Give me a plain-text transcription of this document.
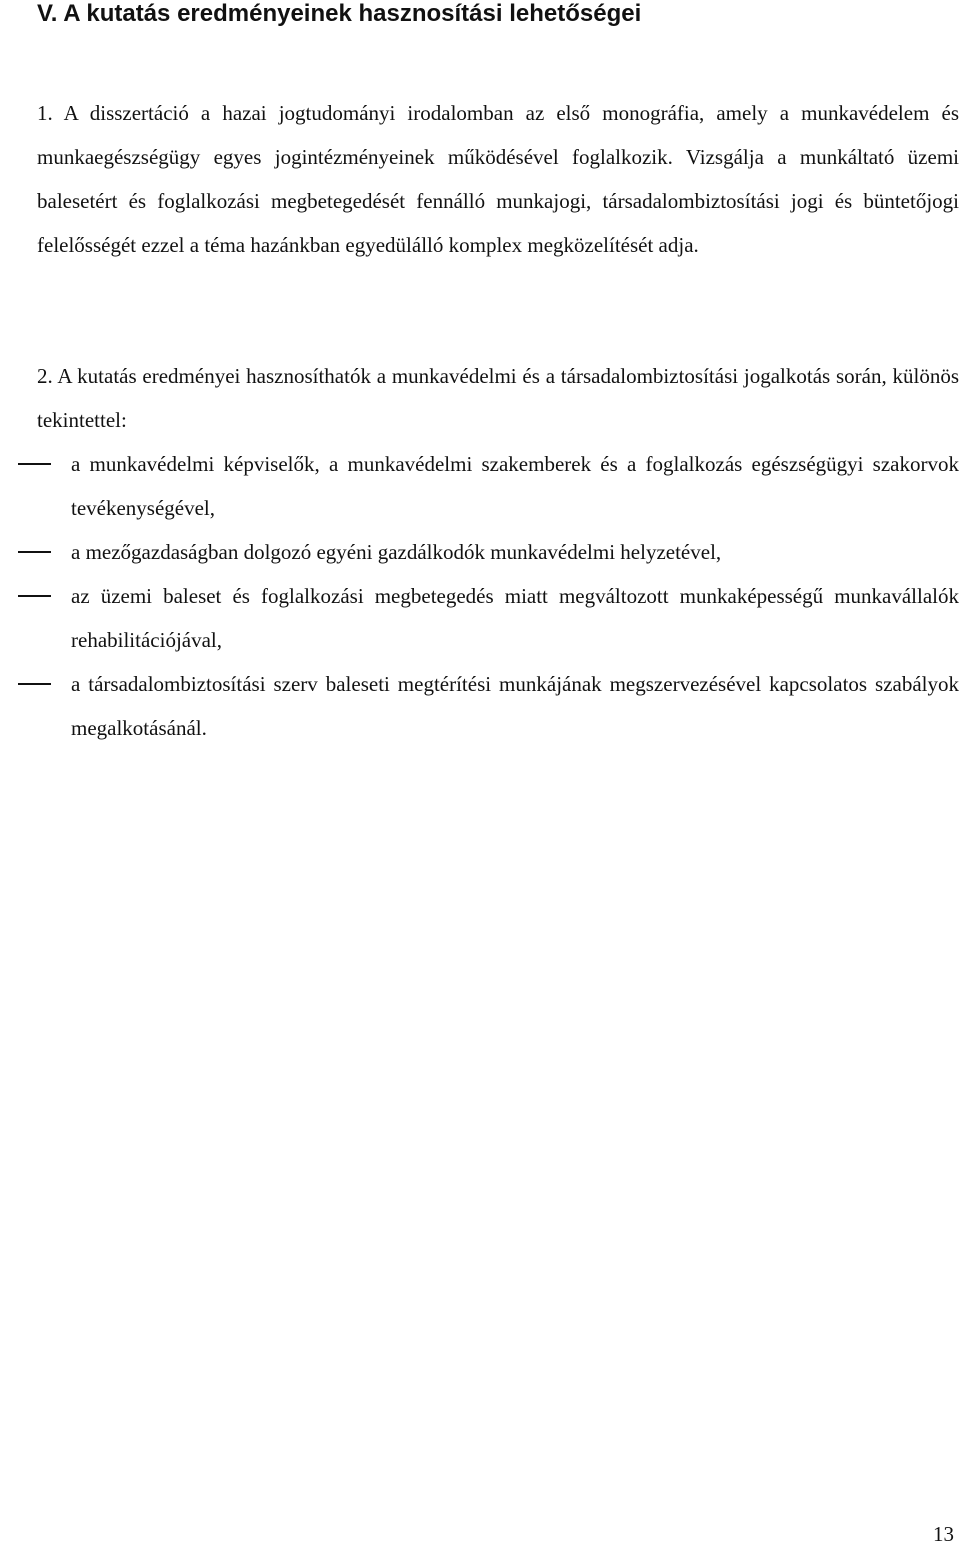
V. A kutatás eredményeinek hasznosítási lehetőségei

1. A disszertáció a hazai jogtudományi irodalomban az első monográfia, amely a munkavédelem és munkaegészségügy egyes jogintézményeinek működésével foglalkozik. Vizsgálja a munkáltató üzemi balesetért és foglalkozási megbetegedését fennálló munkajogi, társadalombiztosítási jogi és büntetőjogi felelősségét ezzel a téma hazánkban egyedülálló komplex megközelítését adja.

2. A kutatás eredményei hasznosíthatók a munkavédelmi és a társadalombiztosítási jogalkotás során, különös tekintettel:

a munkavédelmi képviselők, a munkavédelmi szakemberek és a foglalkozás egészségügyi szakorvok tevékenységével,
a mezőgazdaságban dolgozó egyéni gazdálkodók munkavédelmi helyzetével,
az üzemi baleset és foglalkozási megbetegedés miatt megváltozott munkaképességű munkavállalók rehabilitációjával,
a társadalombiztosítási szerv baleseti megtérítési munkájának megszervezésével kapcsolatos szabályok megalkotásánál.
13
